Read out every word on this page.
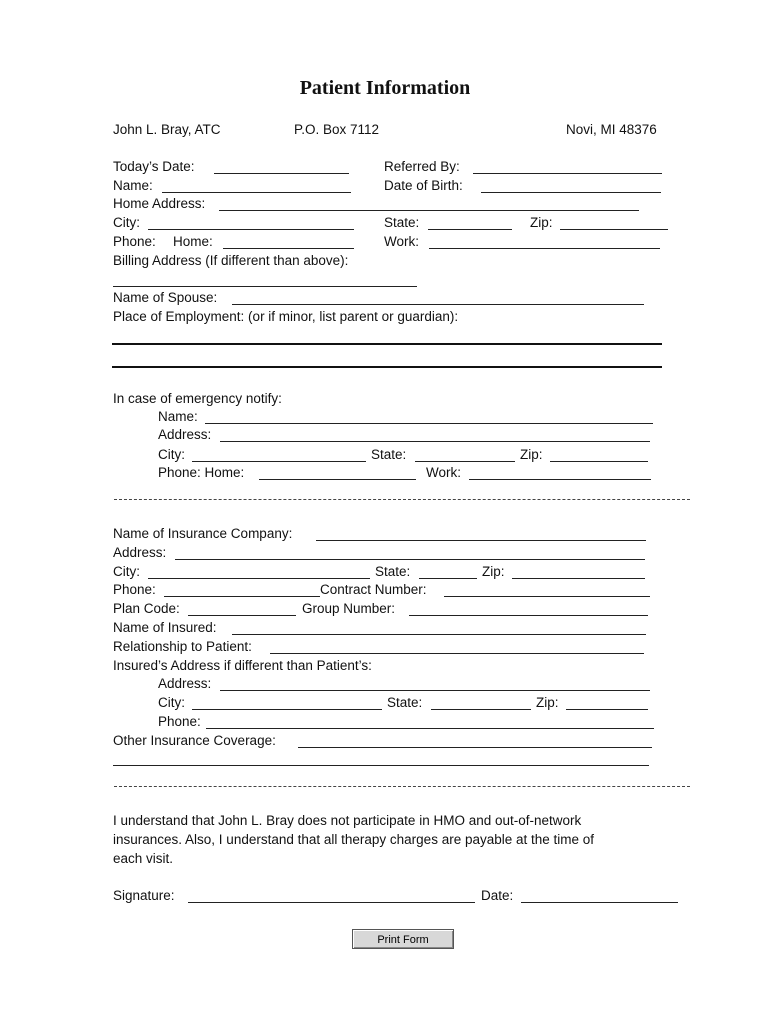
Patient Information
John L. Bray, ATC	P.O. Box 7112	Novi, MI 48376
Today’s Date:	Referred By:
Name:	Date of Birth:
Home Address:
City:	State:	Zip:
Phone: Home:	Work:
Billing Address (If different than above):
Name of Spouse:
Place of Employment: (or if minor, list parent or guardian):
In case of emergency notify:
Name:
Address:
City:	State:	Zip:
Phone: Home:	Work:
Name of Insurance Company:
Address:
City:	State:	Zip:
Phone:	Contract Number:
Plan Code:	Group Number:
Name of Insured:
Relationship to Patient:
Insured’s Address if different than Patient’s:
Address:
City:	State:	Zip:
Phone:
Other Insurance Coverage:
I understand that John L. Bray does not participate in HMO and out-of-network
insurances. Also, I understand that all therapy charges are payable at the time of
each visit.
Signature:	Date:
Print Form
